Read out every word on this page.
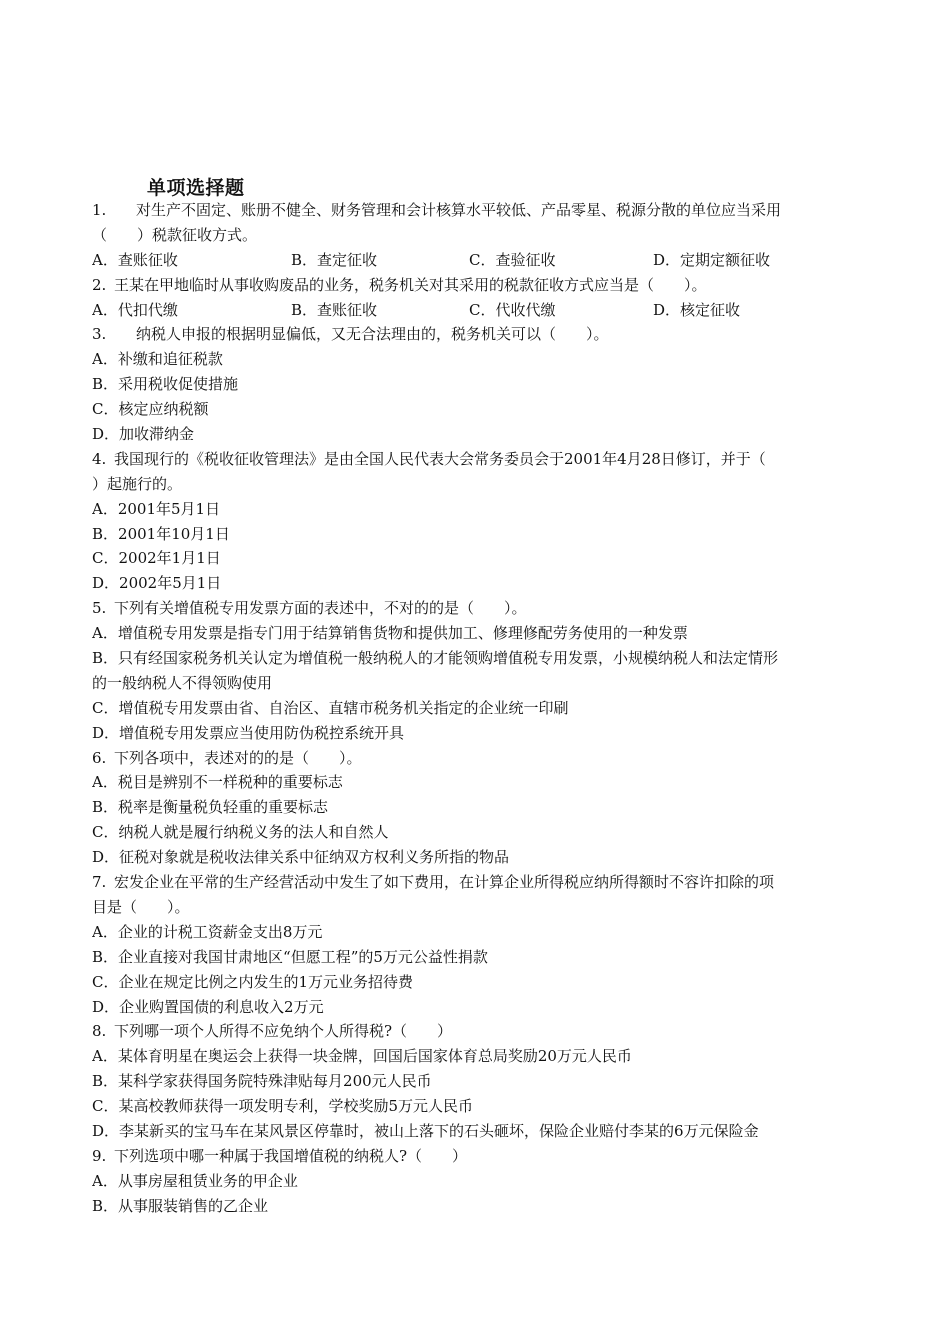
单项选择题
1. 对生产不固定、账册不健全、财务管理和会计核算水平较低、产品零星、税源分散的单位应当采用
（　　）税款征收方式。
A．查账征收	B．查定征收	C．查验征收	D．定期定额征收
2. 王某在甲地临时从事收购废品的业务，税务机关对其采用的税款征收方式应当是（　　）。
A．代扣代缴	B．查账征收	C．代收代缴	D．核定征收
3. 纳税人申报的根据明显偏低，又无合法理由的，税务机关可以（　　）。
A．补缴和追征税款
B．采用税收促使措施
C．核定应纳税额
D．加收滞纳金
4. 我国现行的《税收征收管理法》是由全国人民代表大会常务委员会于2001年4月28日修订，并于（
）起施行的。
A．2001年5月1日
B．2001年10月1日
C．2002年1月1日
D．2002年5月1日
5. 下列有关增值税专用发票方面的表述中，不对的的是（　　）。
A．增值税专用发票是指专门用于结算销售货物和提供加工、修理修配劳务使用的一种发票
B．只有经国家税务机关认定为增值税一般纳税人的才能领购增值税专用发票，小规模纳税人和法定情形
的一般纳税人不得领购使用
C．增值税专用发票由省、自治区、直辖市税务机关指定的企业统一印刷
D．增值税专用发票应当使用防伪税控系统开具
6. 下列各项中，表述对的的是（　　）。
A．税目是辨别不一样税种的重要标志
B．税率是衡量税负轻重的重要标志
C．纳税人就是履行纳税义务的法人和自然人
D．征税对象就是税收法律关系中征纳双方权利义务所指的物品
7. 宏发企业在平常的生产经营活动中发生了如下费用，在计算企业所得税应纳所得额时不容许扣除的项
目是（　　）。
A．企业的计税工资薪金支出8万元
B．企业直接对我国甘肃地区“但愿工程”的5万元公益性捐款
C．企业在规定比例之内发生的1万元业务招待费
D．企业购置国债的利息收入2万元
8. 下列哪一项个人所得不应免纳个人所得税?（　　）
A．某体育明星在奥运会上获得一块金牌，回国后国家体育总局奖励20万元人民币
B．某科学家获得国务院特殊津贴每月200元人民币
C．某高校教师获得一项发明专利，学校奖励5万元人民币
D．李某新买的宝马车在某风景区停靠时，被山上落下的石头砸坏，保险企业赔付李某的6万元保险金
9. 下列选项中哪一种属于我国增值税的纳税人?（　　）
A．从事房屋租赁业务的甲企业
B．从事服装销售的乙企业
